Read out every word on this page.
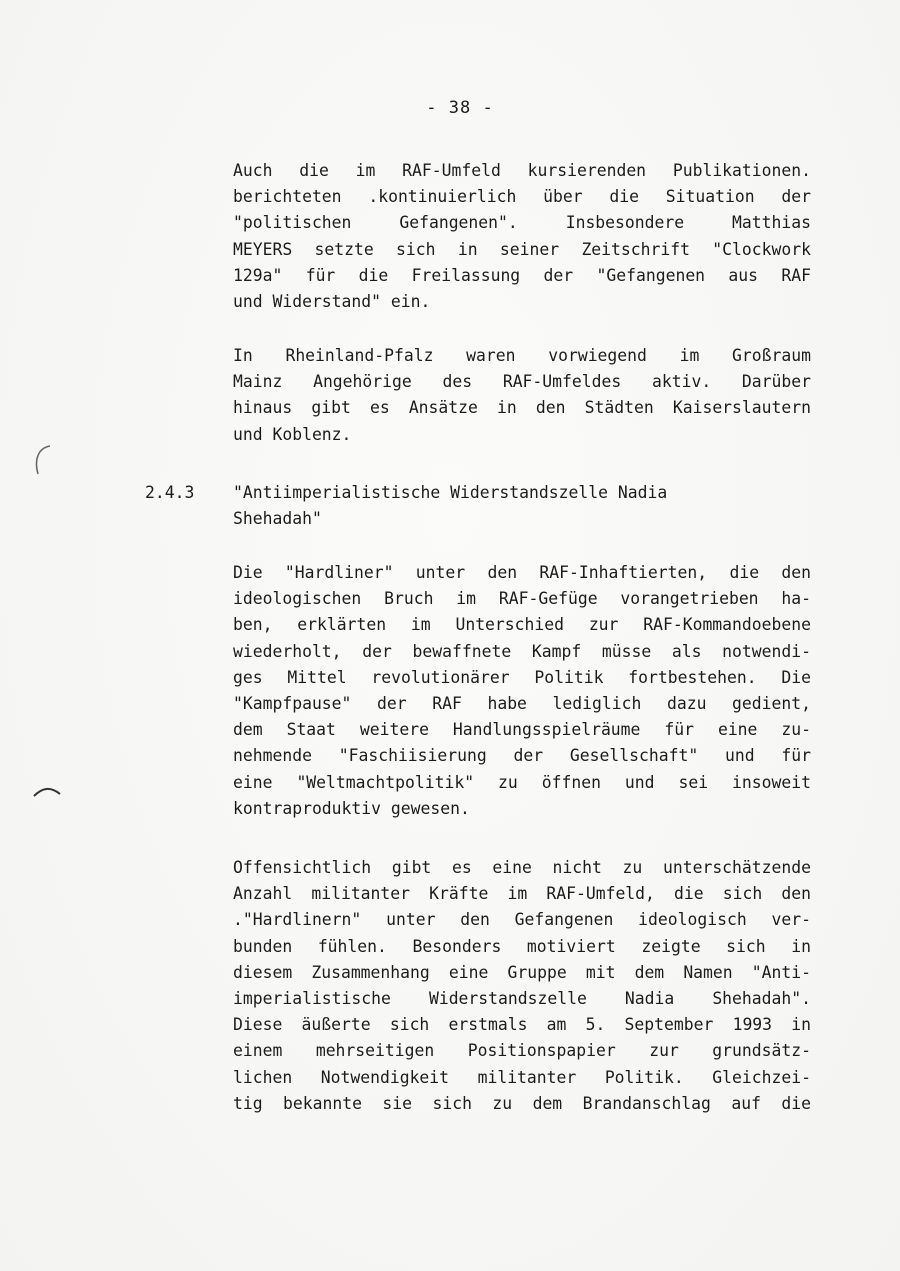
- 38 -
Auch die im RAF-Umfeld kursierenden Publikationen.
berichteten .kontinuierlich über die Situation der
"politischen Gefangenen". Insbesondere Matthias
MEYERS setzte sich in seiner Zeitschrift "Clockwork
129a" für die Freilassung der "Gefangenen aus RAF
und Widerstand" ein.
In Rheinland-Pfalz waren vorwiegend im Großraum
Mainz Angehörige des RAF-Umfeldes aktiv. Darüber
hinaus gibt es Ansätze in den Städten Kaiserslautern
und Koblenz.
2.4.3 "Antiimperialistische Widerstandszelle Nadia
Shehadah"
Die "Hardliner" unter den RAF-Inhaftierten, die den
ideologischen Bruch im RAF-Gefüge vorangetrieben ha-
ben, erklärten im Unterschied zur RAF-Kommandoebene
wiederholt, der bewaffnete Kampf müsse als notwendi-
ges Mittel revolutionärer Politik fortbestehen. Die
"Kampfpause" der RAF habe lediglich dazu gedient,
dem Staat weitere Handlungsspielräume für eine zu-
nehmende "Faschiisierung der Gesellschaft" und für
eine "Weltmachtpolitik" zu öffnen und sei insoweit
kontraproduktiv gewesen.
Offensichtlich gibt es eine nicht zu unterschätzende
Anzahl militanter Kräfte im RAF-Umfeld, die sich den
."Hardlinern" unter den Gefangenen ideologisch ver-
bunden fühlen. Besonders motiviert zeigte sich in
diesem Zusammenhang eine Gruppe mit dem Namen "Anti-
imperialistische Widerstandszelle Nadia Shehadah".
Diese äußerte sich erstmals am 5. September 1993 in
einem mehrseitigen Positionspapier zur grundsätz-
lichen Notwendigkeit militanter Politik. Gleichzei-
tig bekannte sie sich zu dem Brandanschlag auf die
